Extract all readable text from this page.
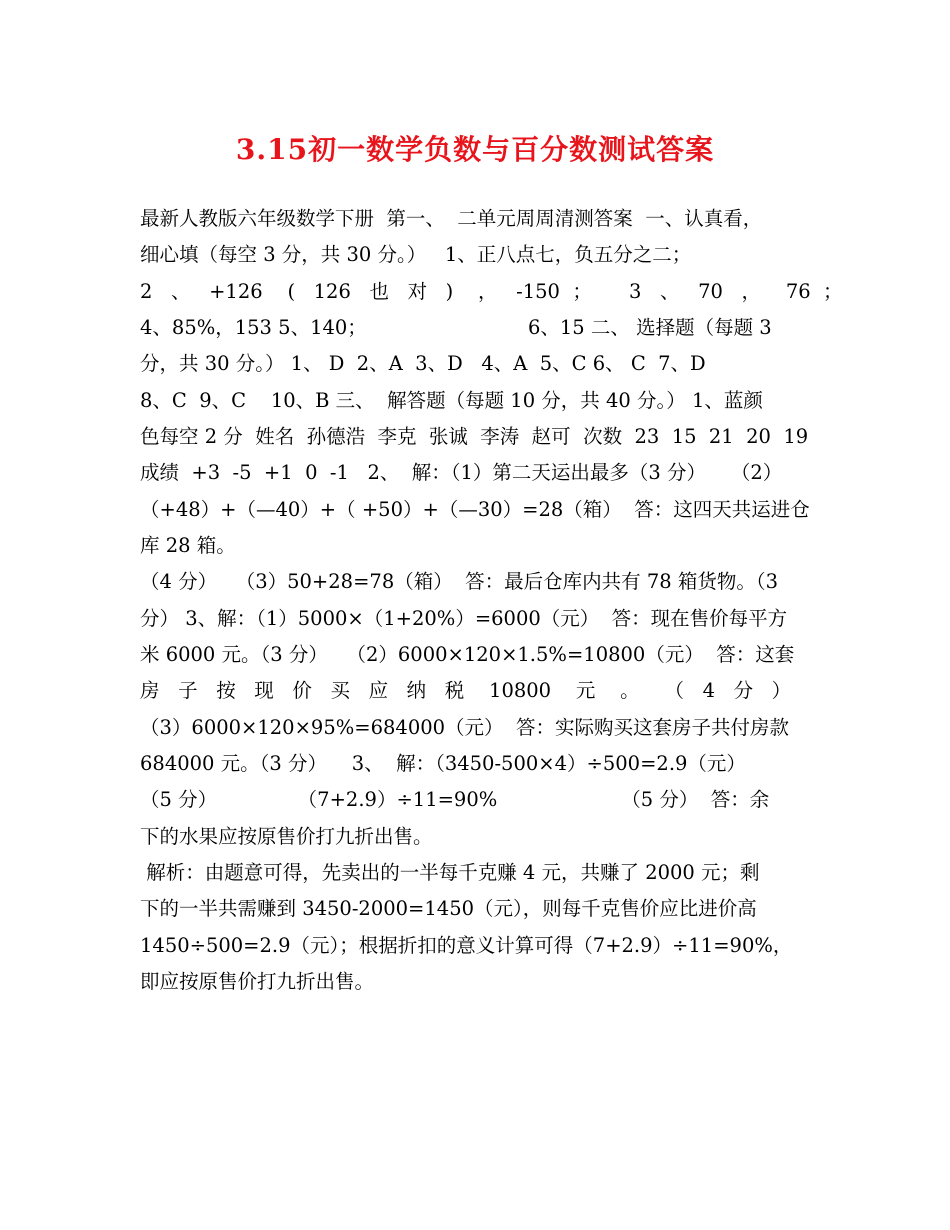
3.15初一数学负数与百分数测试答案
最新人教版六年级数学下册  第一、  二单元周周清测答案  一、认真看，
细心填（每空 3 分，共 30 分。）   1、正八点七，负五分之二；
2   、   +126    (   126   也   对   )    ，   -150  ；      3   、   70   ，    76  ；
4、85%，153 5、140；                          6、15 二、 选择题（每题 3
分，共 30 分。） 1、 D  2、A  3、D   4、A  5、C 6、 C  7、D
8、C  9、C    10、B 三、  解答题（每题 10 分，共 40 分。） 1、蓝颜
色每空 2 分  姓名  孙德浩  李克  张诚  李涛  赵可  次数  23  15  21  20  19
成绩  +3  -5  +1  0  -1   2、  解：（1）第二天运出最多（3 分）    （2）
（+48）+（—40）+（ +50）+（—30）=28（箱）  答：这四天共运进仓
库 28 箱。
（4 分）   （3）50+28=78（箱）  答：最后仓库内共有 78 箱货物。（3
分） 3、解：（1）5000×（1+20%）=6000（元）  答：现在售价每平方
米 6000 元。（3 分）   （2）6000×120×1.5%=10800（元）  答：这套
房   子   按   现   价   买   应   纳   税    10800    元    。    （   4   分   ）
（3）6000×120×95%=684000（元）  答：实际购买这套房子共付房款
684000 元。（3 分）    3、  解：（3450-500×4）÷500=2.9（元）
（5 分）             （7+2.9）÷11=90%                    （5 分）  答：余
下的水果应按原售价打九折出售。
解析：由题意可得，先卖出的一半每千克赚 4 元，共赚了 2000 元；剩
下的一半共需赚到 3450-2000=1450（元），则每千克售价应比进价高
1450÷500=2.9（元）；根据折扣的意义计算可得（7+2.9）÷11=90%，
即应按原售价打九折出售。
